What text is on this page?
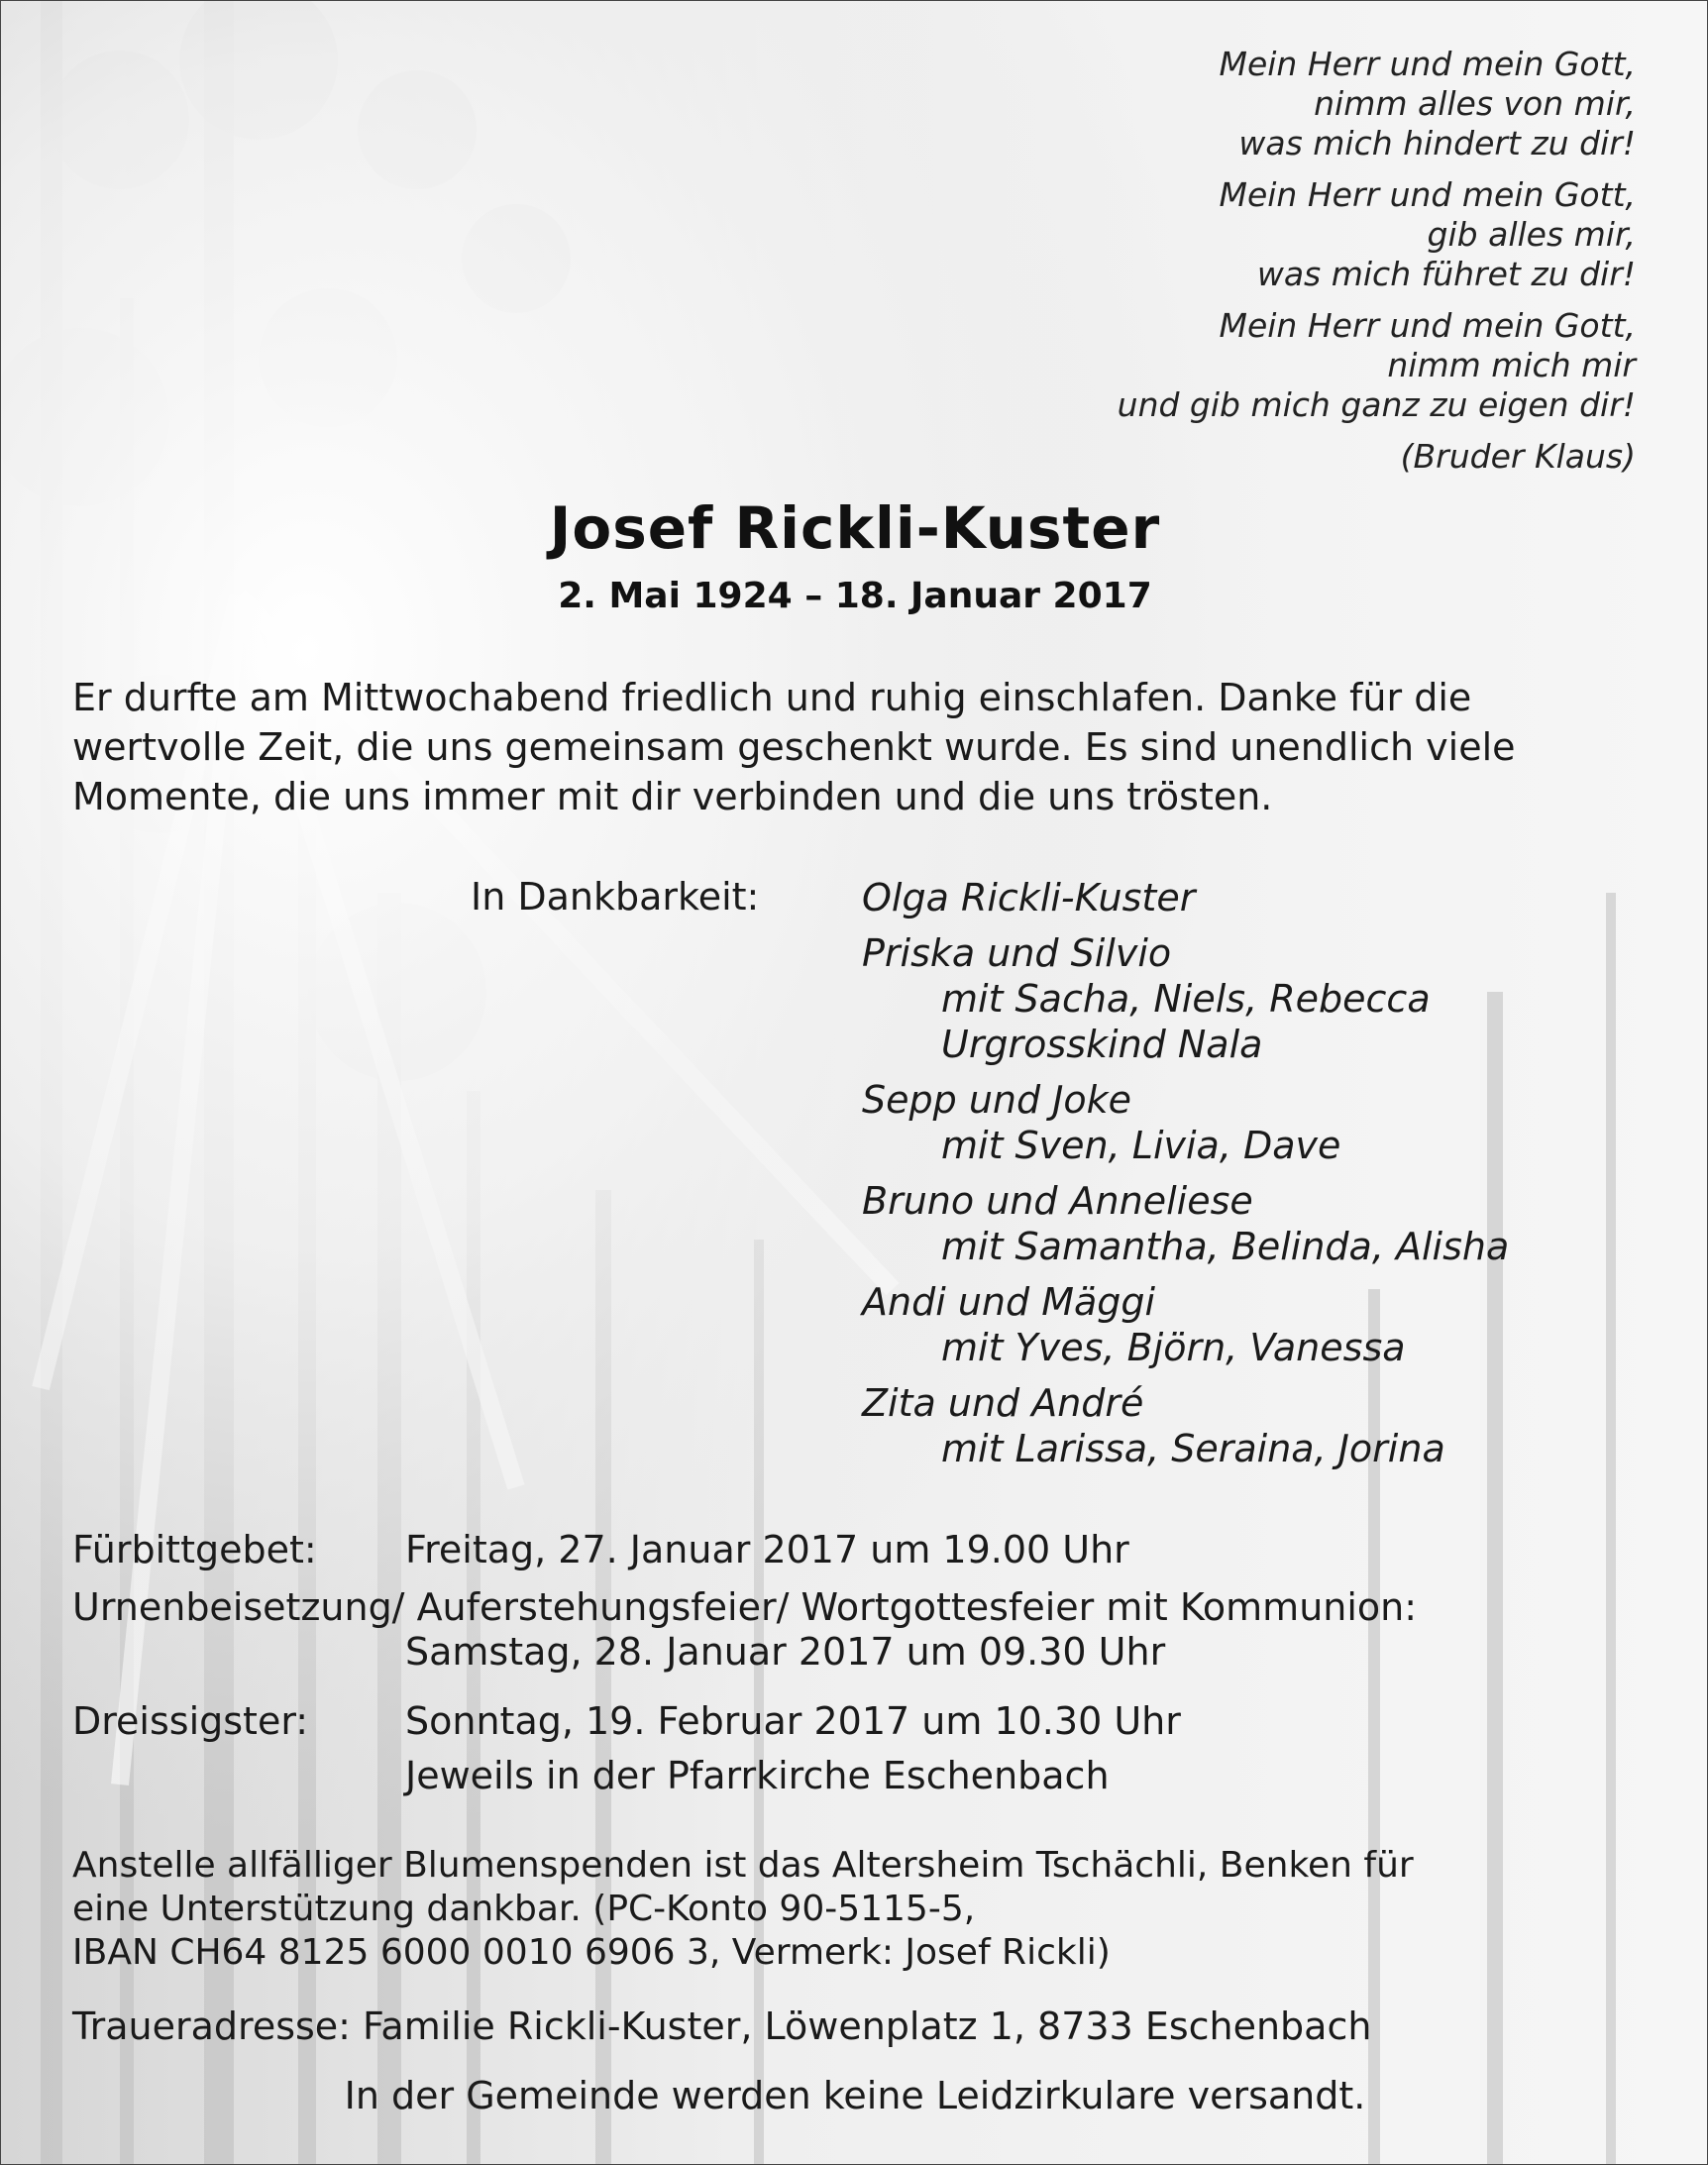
Mein Herr und mein Gott,
nimm alles von mir,
was mich hindert zu dir!
Mein Herr und mein Gott,
gib alles mir,
was mich führet zu dir!
Mein Herr und mein Gott,
nimm mich mir
und gib mich ganz zu eigen dir!
(Bruder Klaus)
Josef Rickli-Kuster
2. Mai 1924 – 18. Januar 2017
Er durfte am Mittwochabend friedlich und ruhig einschlafen. Danke für die
wertvolle Zeit, die uns gemeinsam geschenkt wurde. Es sind unendlich viele
Momente, die uns immer mit dir verbinden und die uns trösten.
In Dankbarkeit:	Olga Rickli-Kuster
Priska und Silvio
mit Sacha, Niels, Rebecca
Urgrosskind Nala
Sepp und Joke
mit Sven, Livia, Dave
Bruno und Anneliese
mit Samantha, Belinda, Alisha
Andi und Mäggi
mit Yves, Björn, Vanessa
Zita und André
mit Larissa, Seraina, Jorina
Fürbittgebet: Freitag, 27. Januar 2017 um 19.00 Uhr
Urnenbeisetzung/ Auferstehungsfeier/ Wortgottesfeier mit Kommunion:
Samstag, 28. Januar 2017 um 09.30 Uhr
Dreissigster:	Sonntag, 19. Februar 2017 um 10.30 Uhr
Jeweils in der Pfarrkirche Eschenbach
Anstelle allfälliger Blumenspenden ist das Altersheim Tschächli, Benken für
eine Unterstützung dankbar. (PC-Konto 90-5115-5,
IBAN CH64 8125 6000 0010 6906 3, Vermerk: Josef Rickli)
Traueradresse: Familie Rickli-Kuster, Löwenplatz 1, 8733 Eschenbach
In der Gemeinde werden keine Leidzirkulare versandt.
